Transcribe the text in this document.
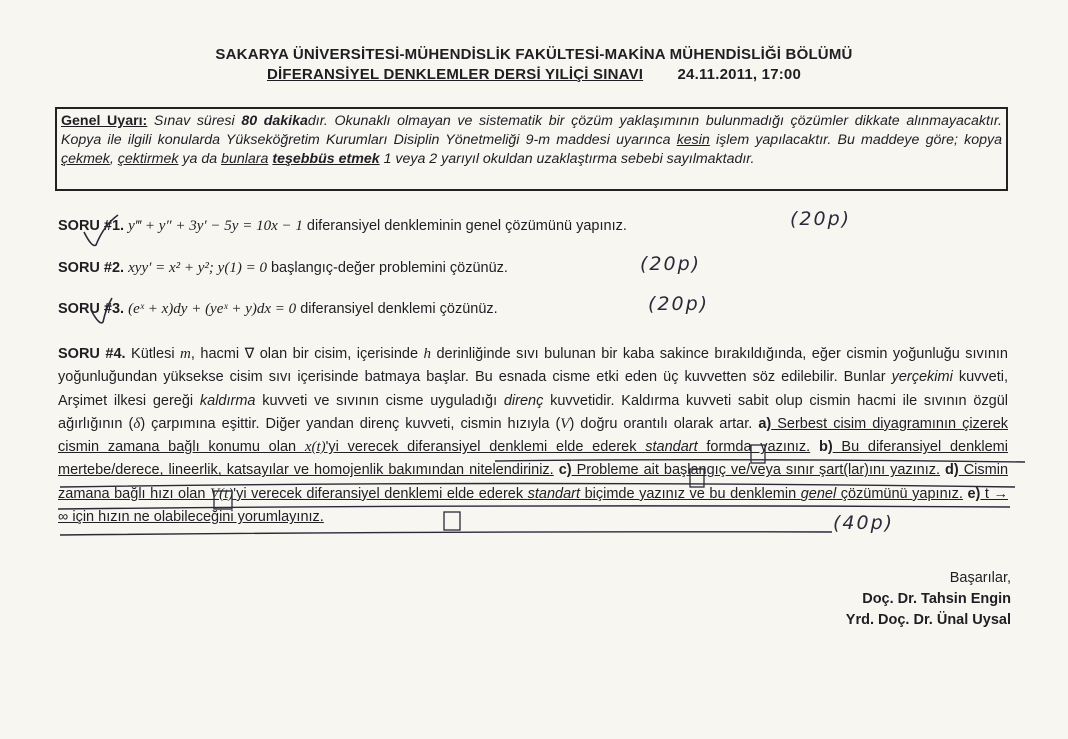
SAKARYA ÜNİVERSİTESİ-MÜHENDİSLİK FAKÜLTESİ-MAKİNA MÜHENDİSLİĞİ BÖLÜMÜ
DİFERANSİYEL DENKLEMLER DERSİ YILİÇİ SINAVI 24.11.2011, 17:00
Genel Uyarı: Sınav süresi 80 dakikadır. Okunaklı olmayan ve sistematik bir çözüm yaklaşımının bulunmadığı çözümler dikkate alınmayacaktır. Kopya ile ilgili konularda Yükseköğretim Kurumları Disiplin Yönetmeliği 9-m maddesi uyarınca kesin işlem yapılacaktır. Bu maddeye göre; kopya çekmek, çektirmek ya da bunlara teşebbüs etmek 1 veya 2 yarıyıl okuldan uzaklaştırma sebebi sayılmaktadır.
SORU #1. y‴ + y″ + 3y′ − 5y = 10x − 1 diferansiyel denkleminin genel çözümünü yapınız.	(20p)
SORU #2. xyy′ = x² + y²; y(1) = 0 başlangıç-değer problemini çözünüz.	(20p)
SORU #3. (eˣ + x)dy + (yeˣ + y)dx = 0 diferansiyel denklemi çözünüz.	(20p)
SORU #4. Kütlesi m, hacmi ∇ olan bir cisim, içerisinde h derinliğinde sıvı bulunan bir kaba sakince bırakıldığında, eğer cismin yoğunluğu sıvının yoğunluğundan yüksekse cisim sıvı içerisinde batmaya başlar. Bu esnada cisme etki eden üç kuvvetten söz edilebilir. Bunlar yerçekimi kuvveti, Arşimet ilkesi gereği kaldırma kuvveti ve sıvının cisme uyguladığı direnç kuvvetidir. Kaldırma kuvveti sabit olup cismin hacmi ile sıvının özgül ağırlığının (δ) çarpımına eşittir. Diğer yandan direnç kuvveti, cismin hızıyla (V) doğru orantılı olarak artar. a) Serbest cisim diyagramının çizerek cismin zamana bağlı konumu olan x(t)'yi verecek diferansiyel denklemi elde ederek standart formda yazınız. b) Bu diferansiyel denklemi mertebe/derece, lineerlik, katsayılar ve homojenlik bakımından nitelendiriniz. c) Probleme ait başlangıç ve/veya sınır şart(lar)ını yazınız. d) Cismin zamana bağlı hızı olan V(t)'yi verecek diferansiyel denklemi elde ederek standart biçimde yazınız ve bu denklemin genel çözümünü yapınız. e) t → ∞ için hızın ne olabileceğini yorumlayınız.	(40p)
Başarılar,
Doç. Dr. Tahsin Engin
Yrd. Doç. Dr. Ünal Uysal
